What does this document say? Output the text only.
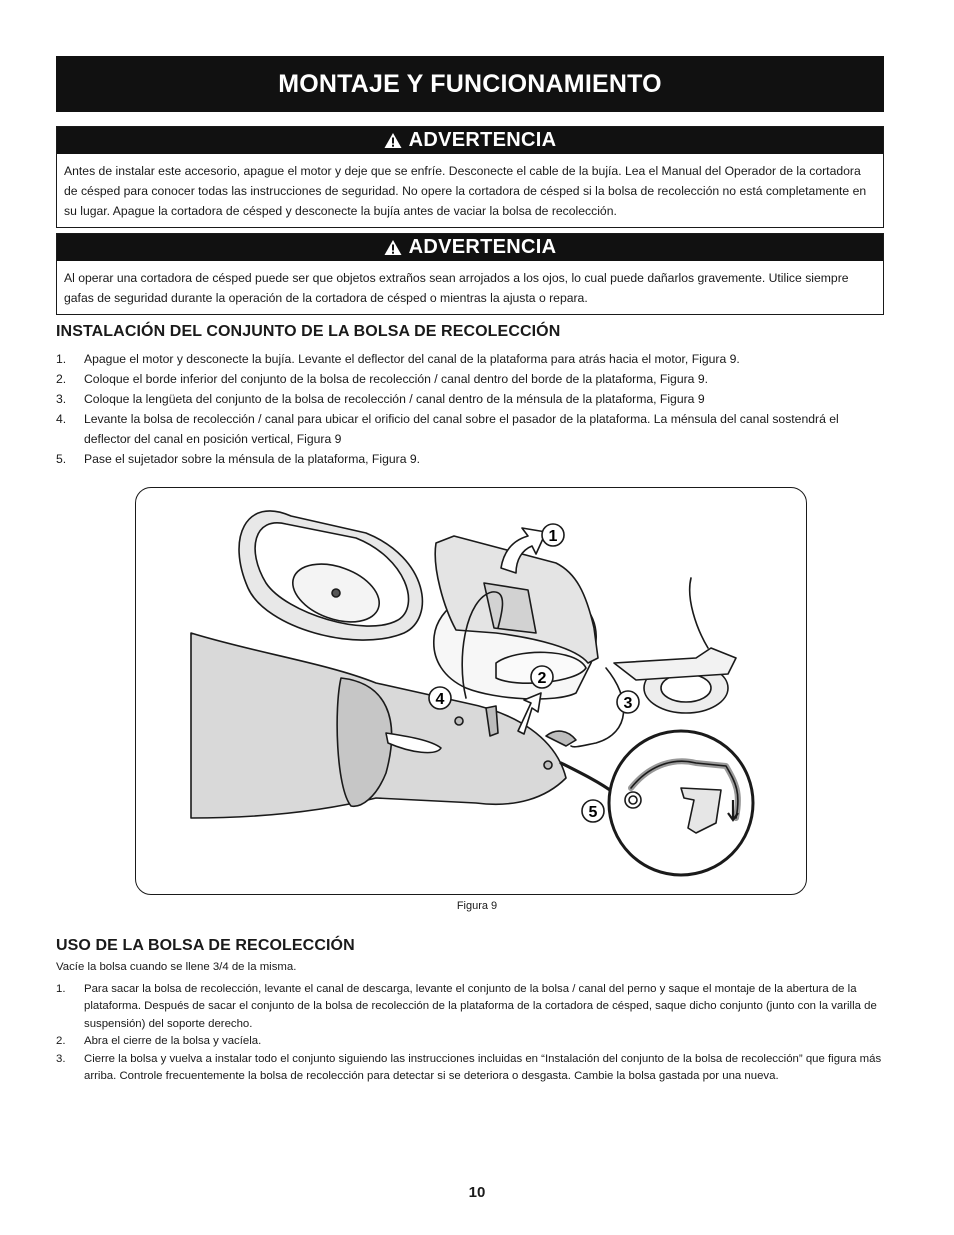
MONTAJE Y FUNCIONAMIENTO
ADVERTENCIA
Antes de instalar este accesorio, apague el motor y deje que se enfríe. Desconecte el cable de la bujía. Lea el Manual del Operador de la cortadora de césped para conocer todas las instrucciones de seguridad. No opere la cortadora de césped si la bolsa de recolección no está completamente en su lugar. Apague la cortadora de césped y desconecte la bujía antes de vaciar la bolsa de recolección.
ADVERTENCIA
Al operar una cortadora de césped puede ser que objetos extraños sean arrojados a los ojos, lo cual puede dañarlos gravemente. Utilice siempre gafas de seguridad durante la operación de la cortadora de césped o mientras la ajusta o repara.
INSTALACIÓN DEL CONJUNTO DE LA BOLSA DE RECOLECCIÓN
1.	Apague el motor y desconecte la bujía. Levante el deflector del canal de la plataforma para atrás hacia el motor, Figura 9.
2.	Coloque el borde inferior del conjunto de la bolsa de recolección / canal dentro del borde de la plataforma, Figura 9.
3.	Coloque la lengüeta del conjunto de la bolsa de recolección / canal dentro de la ménsula de la plataforma, Figura 9
4.	Levante la bolsa de recolección / canal para ubicar el orificio del canal sobre el pasador de la plataforma. La ménsula del canal sostendrá el deflector del canal en posición vertical, Figura 9
5.	Pase el sujetador sobre la ménsula de la plataforma, Figura 9.
1
2
3
4
5
Figura 9
USO DE LA BOLSA DE RECOLECCIÓN
Vacíe la bolsa cuando se llene 3/4 de la misma.
1.	Para sacar la bolsa de recolección, levante el canal de descarga, levante el conjunto de la bolsa / canal del perno y saque el montaje de la abertura de la plataforma. Después de sacar el conjunto de la bolsa de recolección de la plataforma de la cortadora de césped, saque dicho conjunto (junto con la varilla de suspensión) del soporte derecho.
2.	Abra el cierre de la bolsa y vacíela.
3.	Cierre la bolsa y vuelva a instalar todo el conjunto siguiendo las instrucciones incluidas en “Instalación del conjunto de la bolsa de recolección” que figura más arriba. Controle frecuentemente la bolsa de recolección para detectar si se deteriora o desgasta. Cambie la bolsa gastada por una nueva.
10
